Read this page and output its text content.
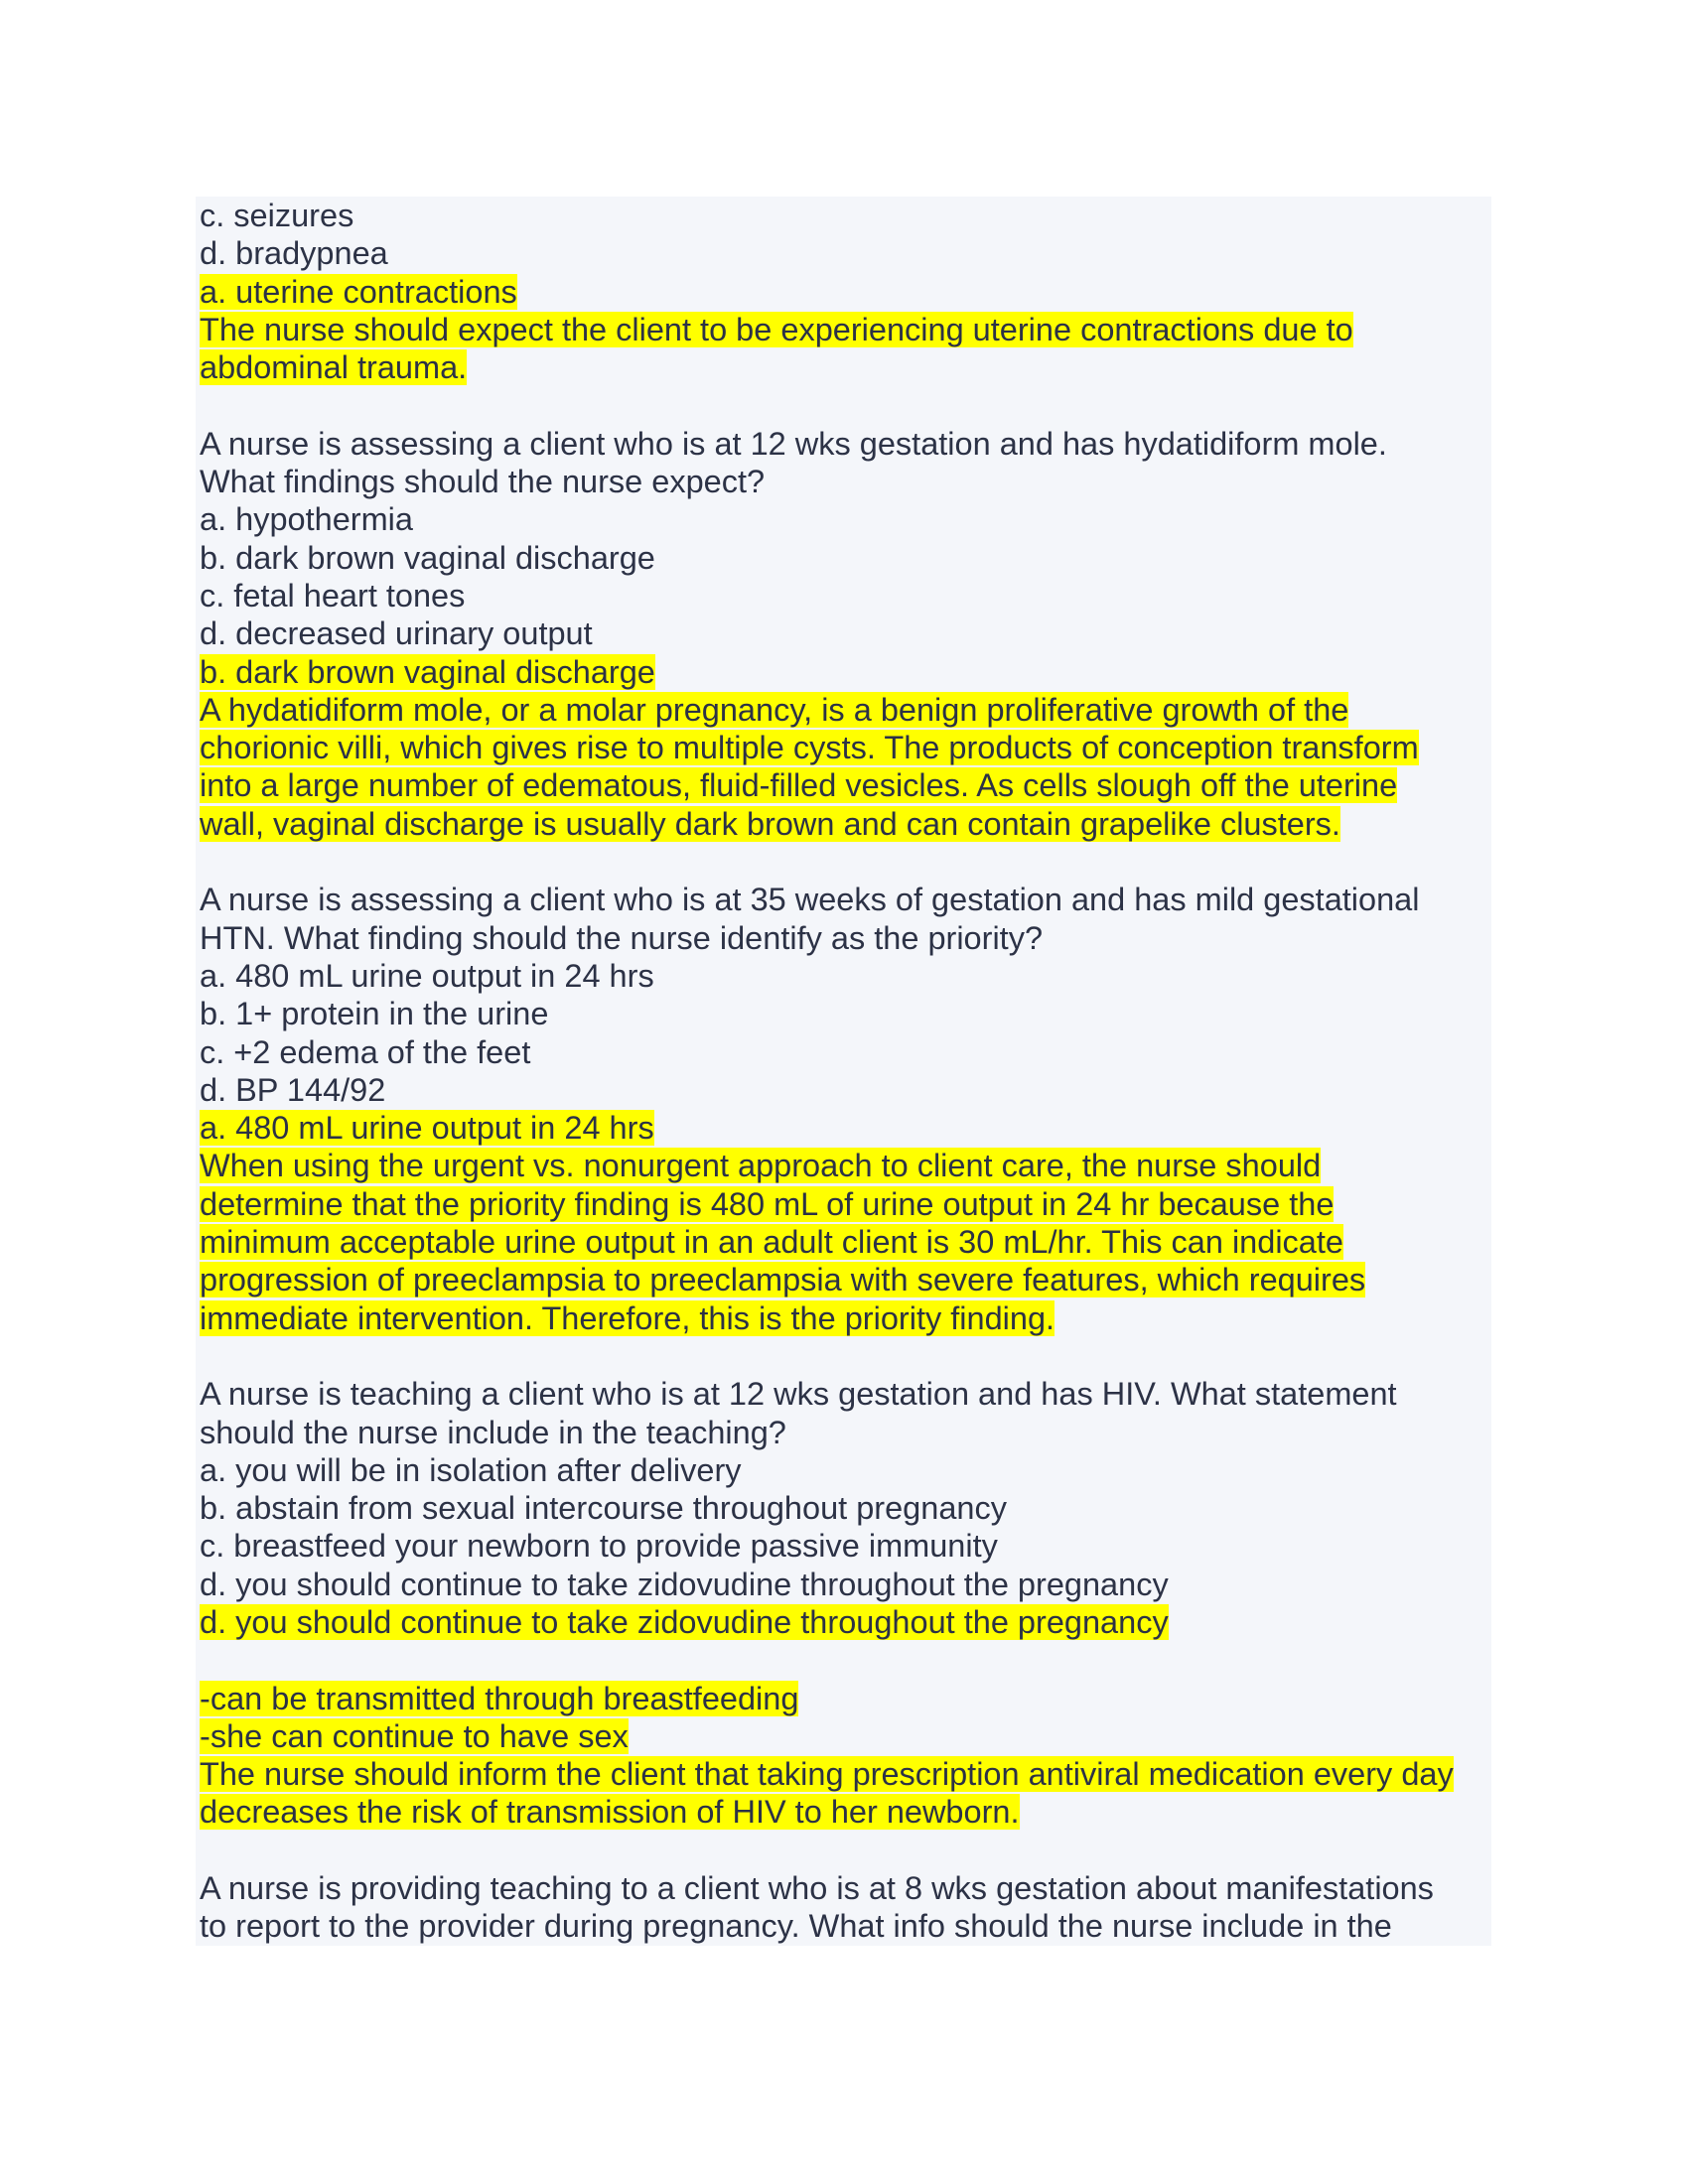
c. seizures
d. bradypnea
a. uterine contractions
The nurse should expect the client to be experiencing uterine contractions due to
abdominal trauma.
A nurse is assessing a client who is at 12 wks gestation and has hydatidiform mole.
What findings should the nurse expect?
a. hypothermia
b. dark brown vaginal discharge
c. fetal heart tones
d. decreased urinary output
b. dark brown vaginal discharge
A hydatidiform mole, or a molar pregnancy, is a benign proliferative growth of the
chorionic villi, which gives rise to multiple cysts. The products of conception transform
into a large number of edematous, fluid-filled vesicles. As cells slough off the uterine
wall, vaginal discharge is usually dark brown and can contain grapelike clusters.
A nurse is assessing a client who is at 35 weeks of gestation and has mild gestational
HTN. What finding should the nurse identify as the priority?
a. 480 mL urine output in 24 hrs
b. 1+ protein in the urine
c. +2 edema of the feet
d. BP 144/92
a. 480 mL urine output in 24 hrs
When using the urgent vs. nonurgent approach to client care, the nurse should
determine that the priority finding is 480 mL of urine output in 24 hr because the
minimum acceptable urine output in an adult client is 30 mL/hr. This can indicate
progression of preeclampsia to preeclampsia with severe features, which requires
immediate intervention. Therefore, this is the priority finding.
A nurse is teaching a client who is at 12 wks gestation and has HIV. What statement
should the nurse include in the teaching?
a. you will be in isolation after delivery
b. abstain from sexual intercourse throughout pregnancy
c. breastfeed your newborn to provide passive immunity
d. you should continue to take zidovudine throughout the pregnancy
d. you should continue to take zidovudine throughout the pregnancy
-can be transmitted through breastfeeding
-she can continue to have sex
The nurse should inform the client that taking prescription antiviral medication every day
decreases the risk of transmission of HIV to her newborn.
A nurse is providing teaching to a client who is at 8 wks gestation about manifestations
to report to the provider during pregnancy. What info should the nurse include in the
